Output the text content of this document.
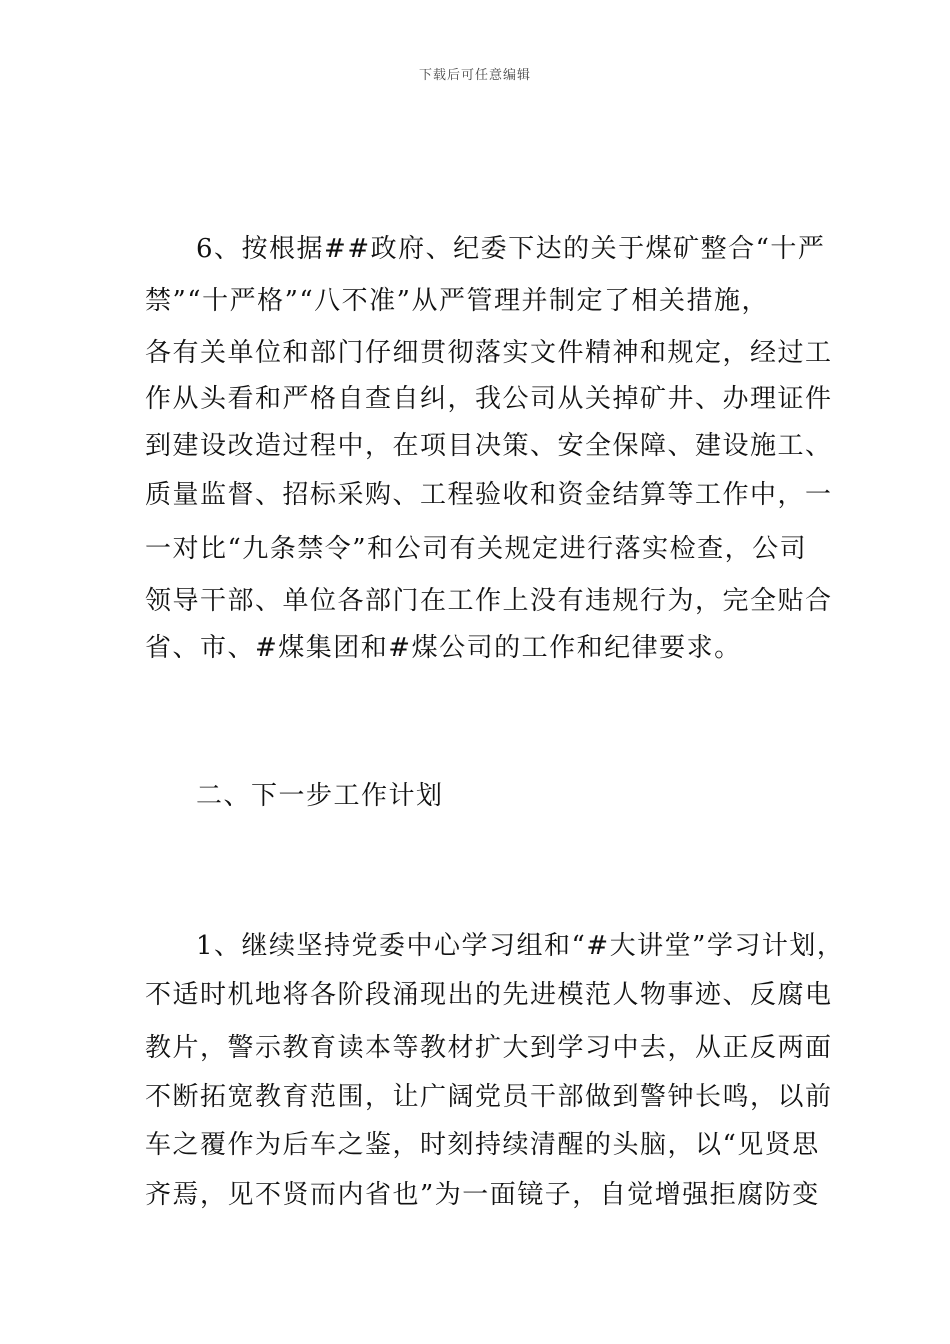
下载后可任意编辑
6、按根据##政府、纪委下达的关于煤矿整合“十严
禁”“十严格”“八不准”从严管理并制定了相关措施，
各有关单位和部门仔细贯彻落实文件精神和规定，经过工
作从头看和严格自查自纠，我公司从关掉矿井、办理证件
到建设改造过程中，在项目决策、安全保障、建设施工、
质量监督、招标采购、工程验收和资金结算等工作中，一
一对比“九条禁令”和公司有关规定进行落实检查，公司
领导干部、单位各部门在工作上没有违规行为，完全贴合
省、市、#煤集团和#煤公司的工作和纪律要求。
二、下一步工作计划
1、继续坚持党委中心学习组和“#大讲堂”学习计划，
不适时机地将各阶段涌现出的先进模范人物事迹、反腐电
教片，警示教育读本等教材扩大到学习中去，从正反两面
不断拓宽教育范围，让广阔党员干部做到警钟长鸣，以前
车之覆作为后车之鉴，时刻持续清醒的头脑，以“见贤思
齐焉，见不贤而内省也”为一面镜子，自觉增强拒腐防变
